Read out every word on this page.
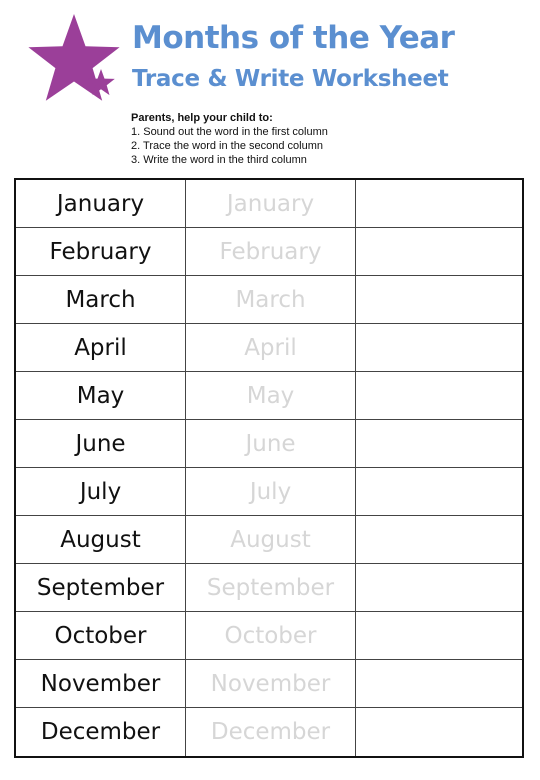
Months of the Year
Trace & Write Worksheet
Parents, help your child to:
1. Sound out the word in the first column
2. Trace the word in the second column
3. Write the word in the third column
January	January
February	February
March	March
April	April
May	May
June	June
July	July
August	August
September	September
October	October
November	November
December	December
